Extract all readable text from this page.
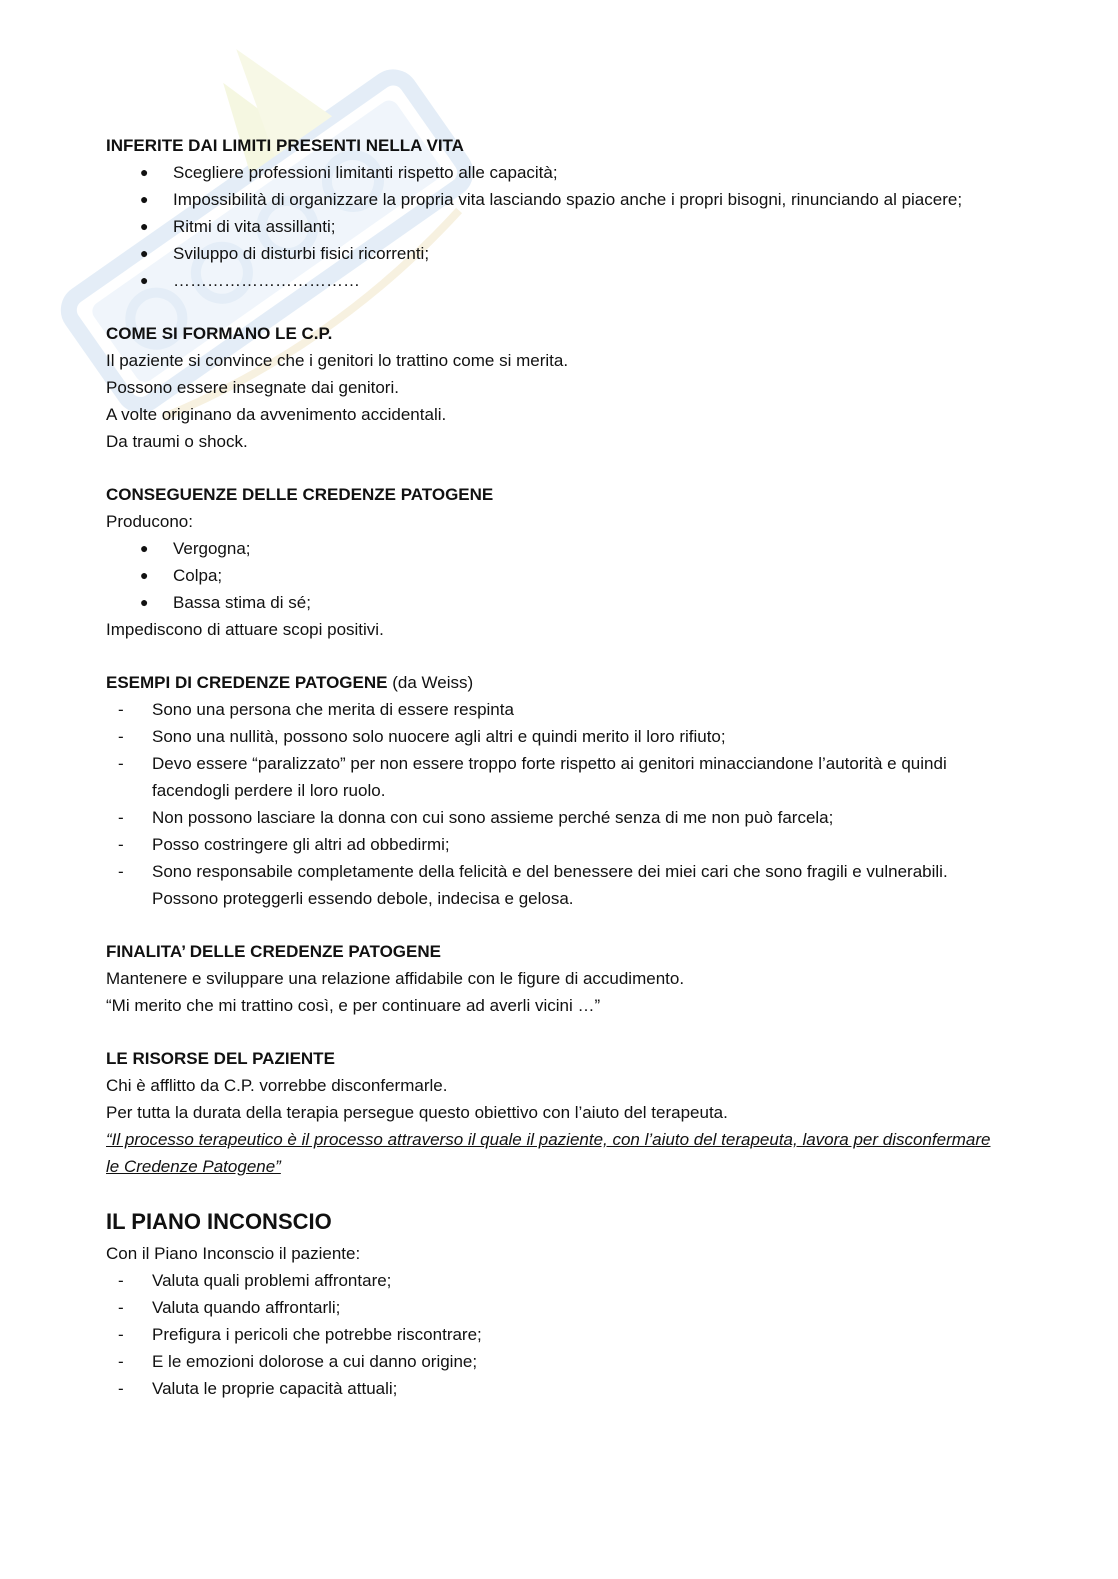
INFERITE DAI LIMITI PRESENTI NELLA VITA

●	Scegliere professioni limitanti rispetto alle capacità;
●	Impossibilità di organizzare la propria vita lasciando spazio anche i propri bisogni, rinunciando al piacere;
●	Ritmi di vita assillanti;
●	Sviluppo di disturbi fisici ricorrenti;
●	……………………………

COME SI FORMANO LE C.P.

Il paziente si convince che i genitori lo trattino come si merita.

Possono essere insegnate dai genitori.

A volte originano da avvenimento accidentali.

Da traumi o shock.

CONSEGUENZE DELLE CREDENZE PATOGENE

Producono:

●	Vergogna;
●	Colpa;
●	Bassa stima di sé;

Impediscono di attuare scopi positivi.

ESEMPI DI CREDENZE PATOGENE (da Weiss)

-	Sono una persona che merita di essere respinta
-	Sono una nullità, possono solo nuocere agli altri e quindi merito il loro rifiuto;
-	Devo essere “paralizzato” per non essere troppo forte rispetto ai genitori minacciandone l’autorità e quindi facendogli perdere il loro ruolo.
-	Non possono lasciare la donna con cui sono assieme perché senza di me non può farcela;
-	Posso costringere gli altri ad obbedirmi;
-	Sono responsabile completamente della felicità e del benessere dei miei cari che sono fragili e vulnerabili. Possono proteggerli essendo debole, indecisa e gelosa.

FINALITA’ DELLE CREDENZE PATOGENE

Mantenere e sviluppare una relazione affidabile con le figure di accudimento.

“Mi merito che mi trattino così, e per continuare ad averli vicini …”

LE RISORSE DEL PAZIENTE

Chi è afflitto da C.P. vorrebbe disconfermarle.

Per tutta la durata della terapia persegue questo obiettivo con l’aiuto del terapeuta.

“Il processo terapeutico è il processo attraverso il quale il paziente, con l’aiuto del terapeuta, lavora per disconfermare le Credenze Patogene”

IL PIANO INCONSCIO

Con il Piano Inconscio il paziente:

-	Valuta quali problemi affrontare;
-	Valuta quando affrontarli;
-	Prefigura i pericoli che potrebbe riscontrare;
-	E le emozioni dolorose a cui danno origine;
-	Valuta le proprie capacità attuali;
